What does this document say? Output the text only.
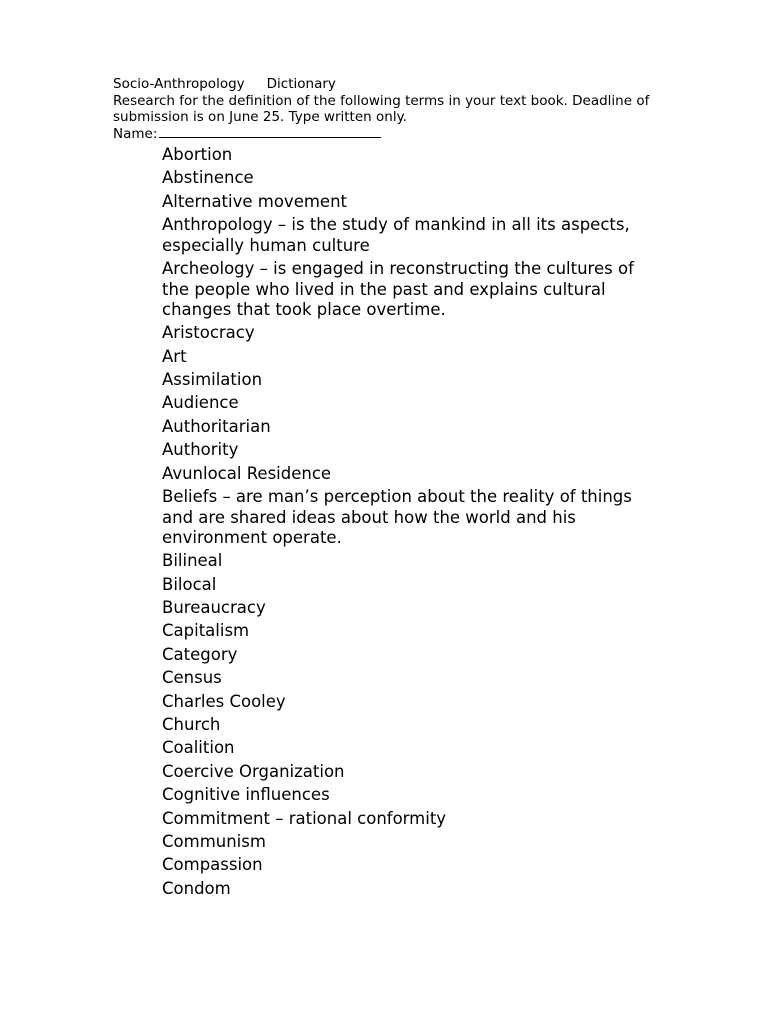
Socio-Anthropology Dictionary
Research for the definition of the following terms in your text book. Deadline of
submission is on June 25. Type written only.
Name:
Abortion
Abstinence
Alternative movement
Anthropology – is the study of mankind in all its aspects,
especially human culture
Archeology – is engaged in reconstructing the cultures of
the people who lived in the past and explains cultural
changes that took place overtime.
Aristocracy
Art
Assimilation
Audience
Authoritarian
Authority
Avunlocal Residence
Beliefs – are man’s perception about the reality of things
and are shared ideas about how the world and his
environment operate.
Bilineal
Bilocal
Bureaucracy
Capitalism
Category
Census
Charles Cooley
Church
Coalition
Coercive Organization
Cognitive influences
Commitment – rational conformity
Communism
Compassion
Condom
